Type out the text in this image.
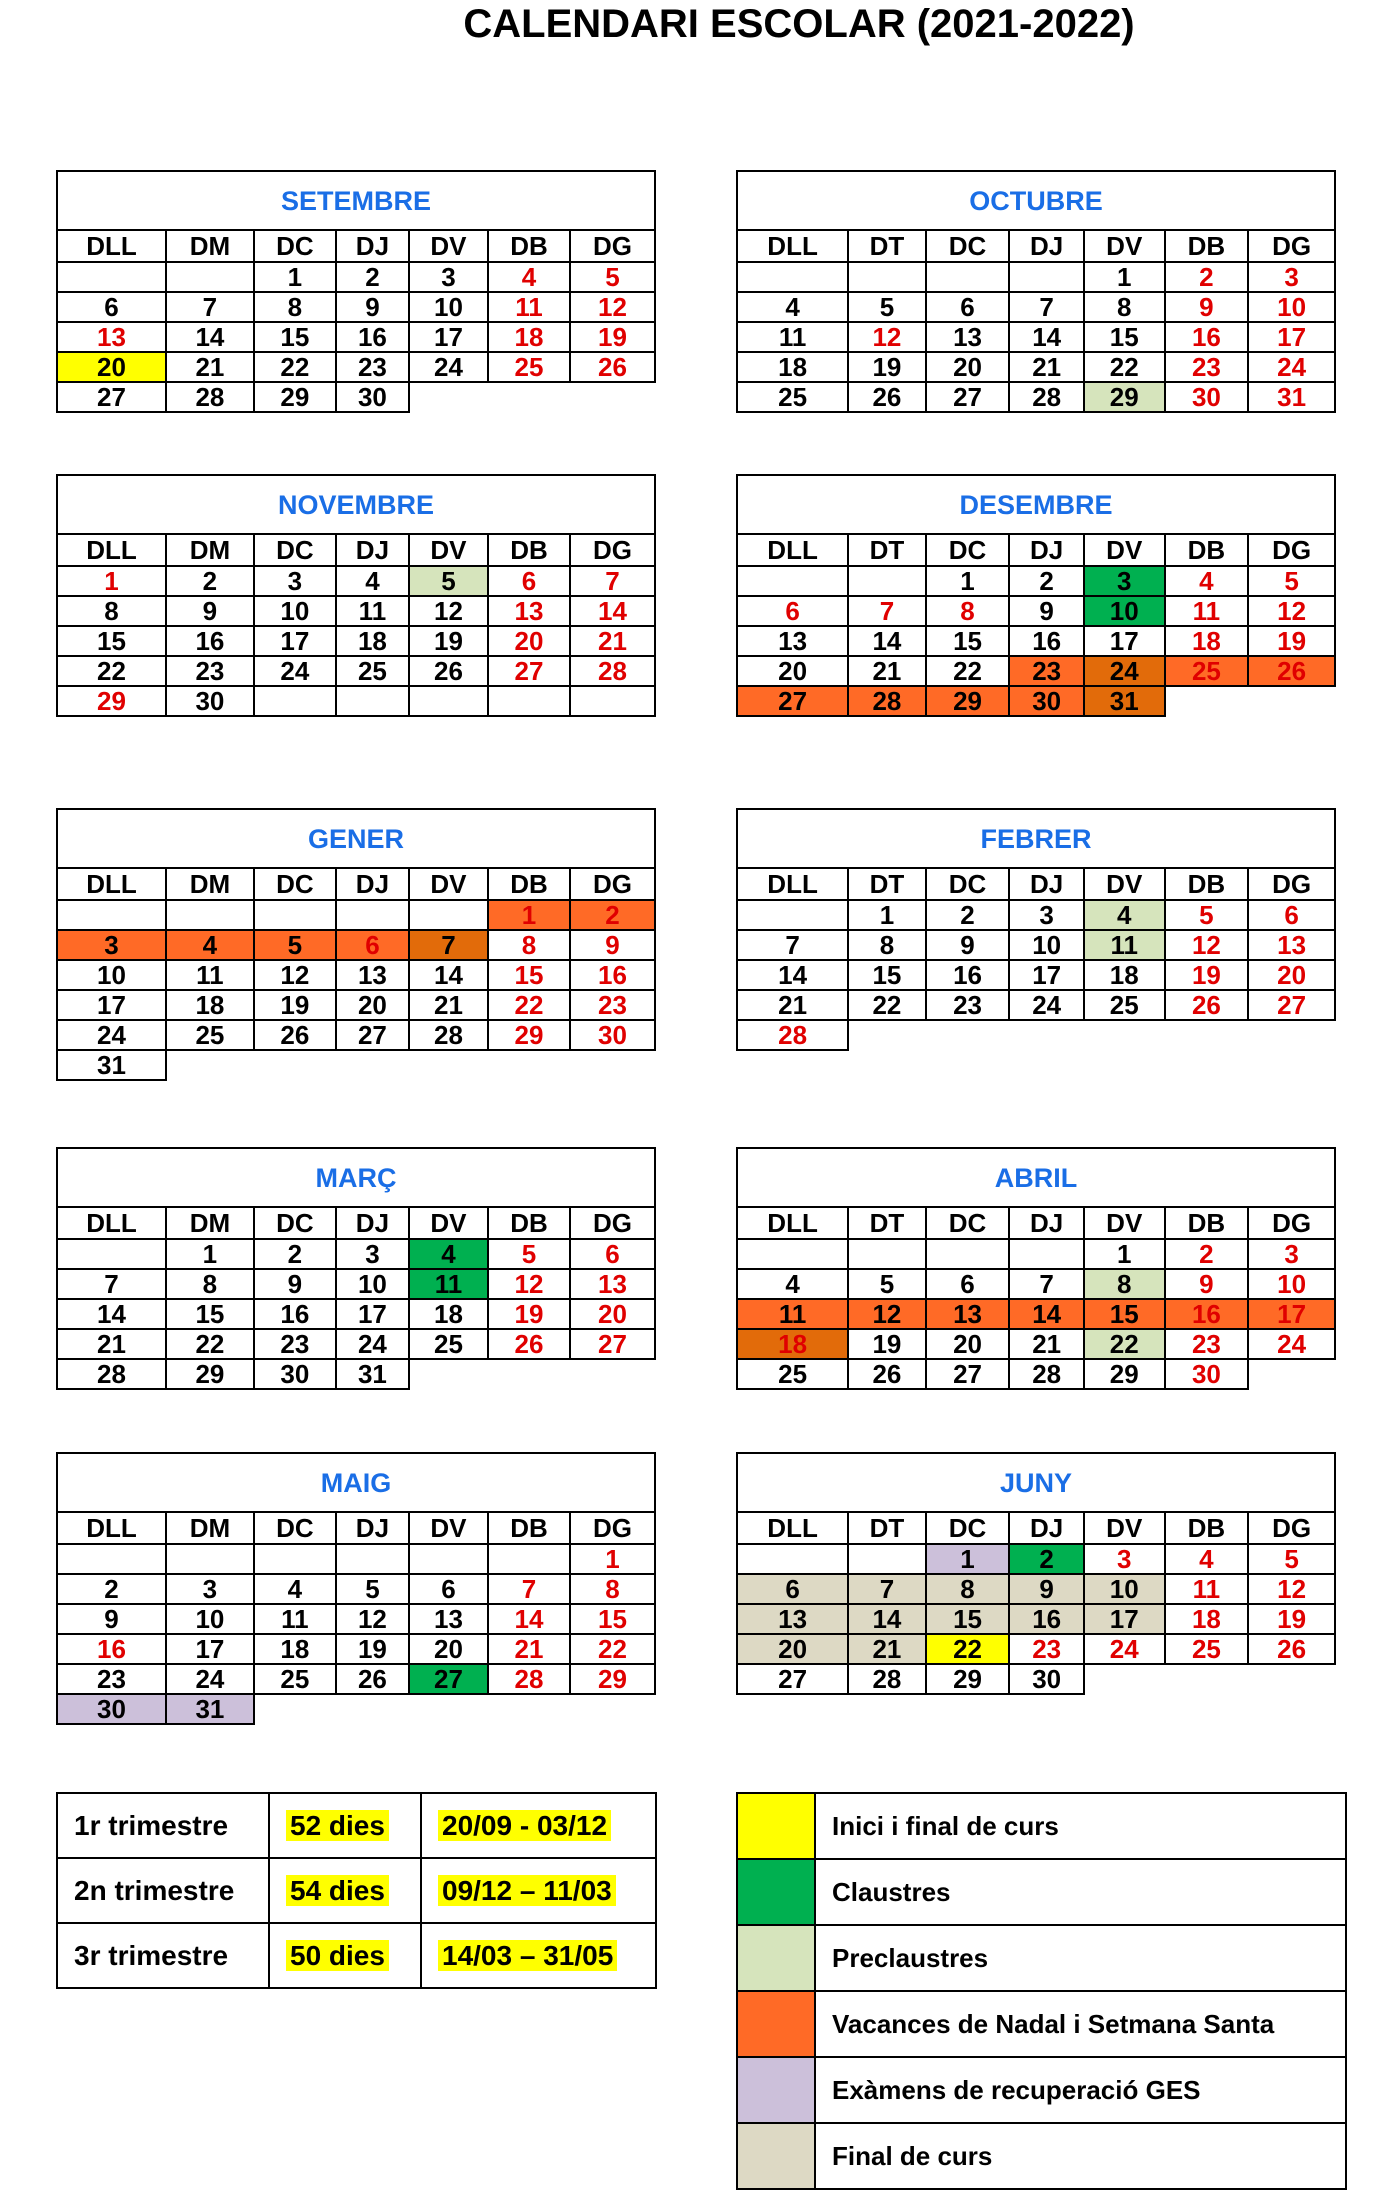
CALENDARI ESCOLAR (2021-2022)
SETEMBRE						
DLL	DM	DC	DJ	DV	DB	DG
		1	2	3	4	5
6	7	8	9	10	11	12
13	14	15	16	17	18	19
20	21	22	23	24	25	26
27	28	29	30			
OCTUBRE						
DLL	DT	DC	DJ	DV	DB	DG
				1	2	3
4	5	6	7	8	9	10
11	12	13	14	15	16	17
18	19	20	21	22	23	24
25	26	27	28	29	30	31
NOVEMBRE						
DLL	DM	DC	DJ	DV	DB	DG
1	2	3	4	5	6	7
8	9	10	11	12	13	14
15	16	17	18	19	20	21
22	23	24	25	26	27	28
29	30					
DESEMBRE						
DLL	DT	DC	DJ	DV	DB	DG
		1	2	3	4	5
6	7	8	9	10	11	12
13	14	15	16	17	18	19
20	21	22	23	24	25	26
27	28	29	30	31		
GENER						
DLL	DM	DC	DJ	DV	DB	DG
					1	2
3	4	5	6	7	8	9
10	11	12	13	14	15	16
17	18	19	20	21	22	23
24	25	26	27	28	29	30
31						
FEBRER						
DLL	DT	DC	DJ	DV	DB	DG
	1	2	3	4	5	6
7	8	9	10	11	12	13
14	15	16	17	18	19	20
21	22	23	24	25	26	27
28						
MARÇ						
DLL	DM	DC	DJ	DV	DB	DG
	1	2	3	4	5	6
7	8	9	10	11	12	13
14	15	16	17	18	19	20
21	22	23	24	25	26	27
28	29	30	31			
ABRIL						
DLL	DT	DC	DJ	DV	DB	DG
				1	2	3
4	5	6	7	8	9	10
11	12	13	14	15	16	17
18	19	20	21	22	23	24
25	26	27	28	29	30	
MAIG						
DLL	DM	DC	DJ	DV	DB	DG
						1
2	3	4	5	6	7	8
9	10	11	12	13	14	15
16	17	18	19	20	21	22
23	24	25	26	27	28	29
30	31					
JUNY						
DLL	DT	DC	DJ	DV	DB	DG
		1	2	3	4	5
6	7	8	9	10	11	12
13	14	15	16	17	18	19
20	21	22	23	24	25	26
27	28	29	30			
1r trimestre	52 dies	20/09 - 03/12
2n trimestre	54 dies	09/12 – 11/03
3r trimestre	50 dies	14/03 – 31/05
	Inici i final de curs
	Claustres
	Preclaustres
	Vacances de Nadal i Setmana Santa
	Exàmens de recuperació GES
	Final de curs
